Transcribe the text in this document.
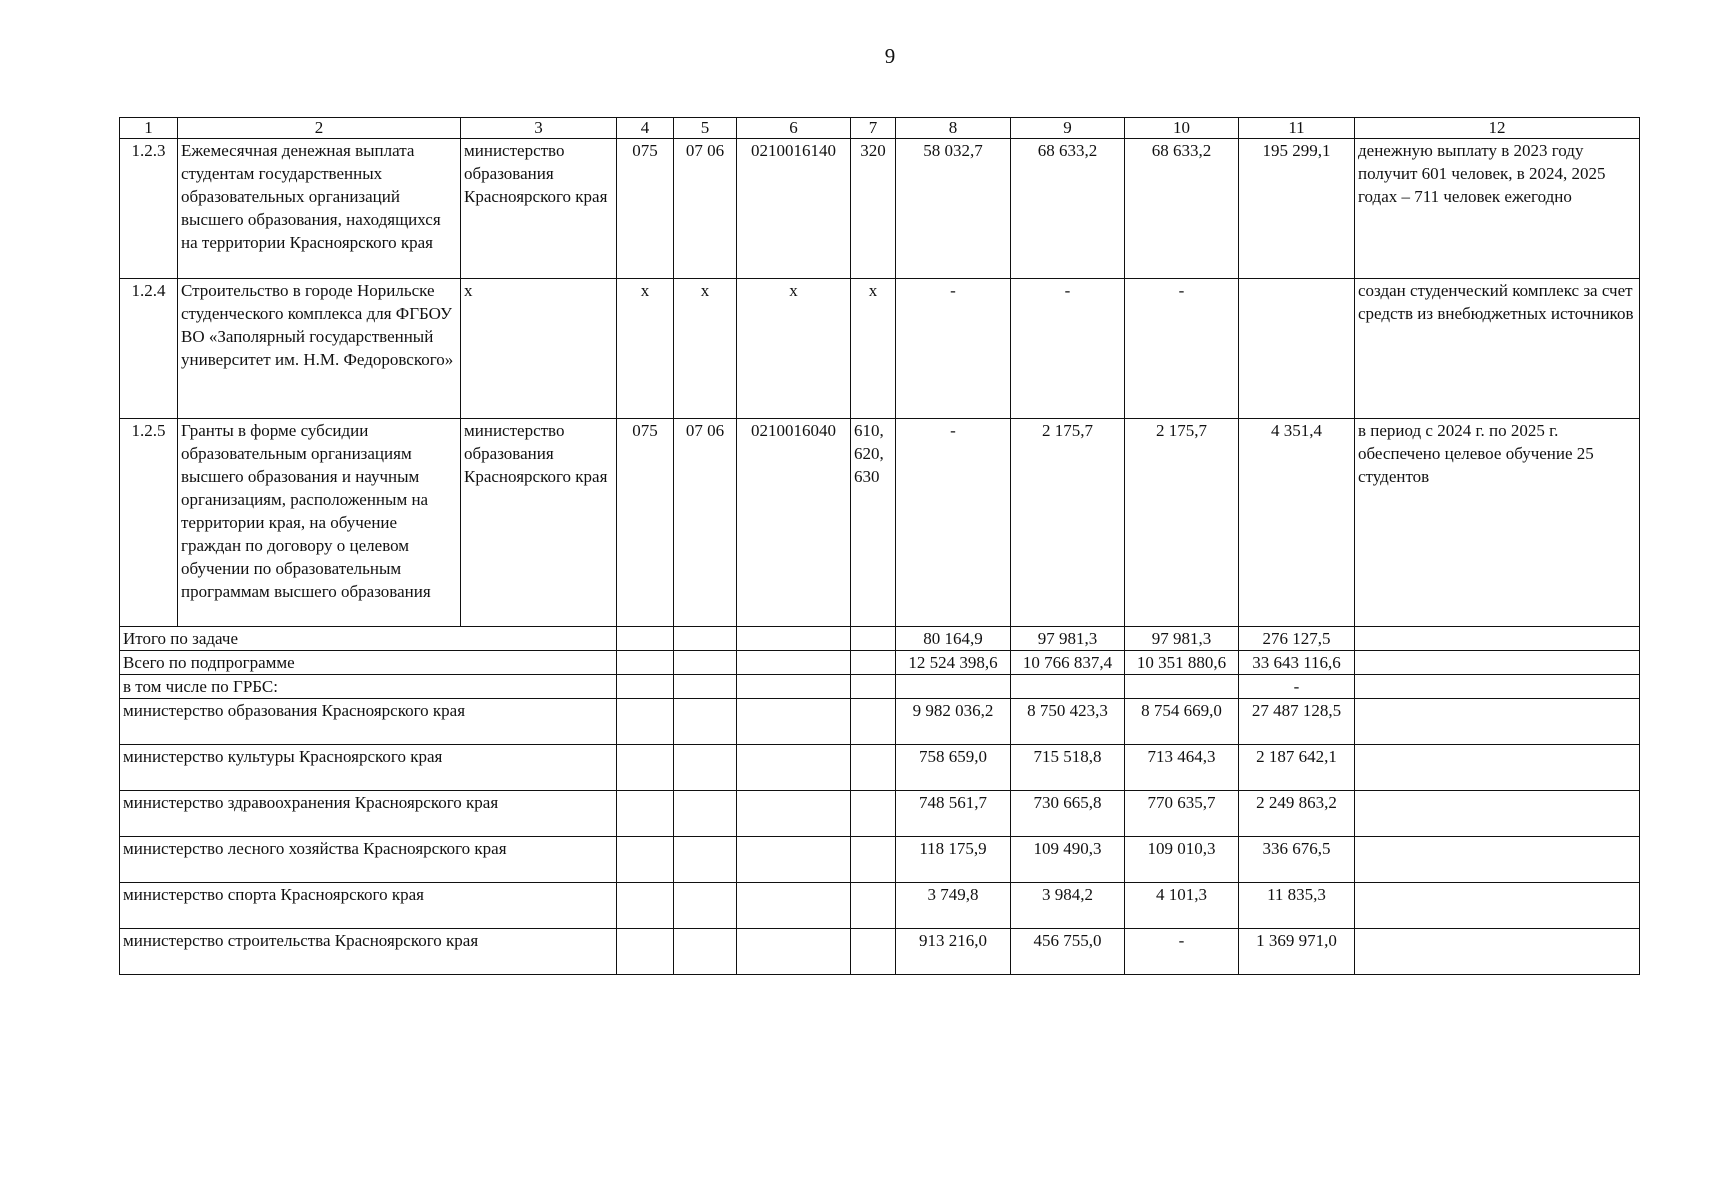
9
1	2	3	4	5	6	7	8	9	10	11	12
1.2.3	Ежемесячная денежная выплата студентам государственных образовательных организаций высшего образования, находящихся на территории Красноярского края	министерство образования Красноярского края	075	07 06	0210016140	320	58 032,7	68 633,2	68 633,2	195 299,1	денежную выплату в 2023 году получит 601 человек, в 2024, 2025 годах – 711 человек ежегодно
1.2.4	Строительство в городе Норильске студенческого комплекса для ФГБОУ ВО «Заполярный государственный университет им. Н.М. Федоровского»	x	x	x	x	x	-	-	-		создан студенческий комплекс за счет средств из внебюджетных источников
1.2.5	Гранты в форме субсидии образовательным организациям высшего образования и научным организациям, расположенным на территории края, на обучение граждан по договору о целевом обучении по образовательным программам высшего образования	министерство образования Красноярского края	075	07 06	0210016040	610, 620, 630	-	2 175,7	2 175,7	4 351,4	в период с 2024 г. по 2025 г. обеспечено целевое обучение 25 студентов
Итого по задаче							80 164,9	97 981,3	97 981,3	276 127,5	
Всего по подпрограмме							12 524 398,6	10 766 837,4	10 351 880,6	33 643 116,6	
в том числе по ГРБС:										-	
министерство образования Красноярского края							9 982 036,2	8 750 423,3	8 754 669,0	27 487 128,5	
министерство культуры Красноярского края							758 659,0	715 518,8	713 464,3	2 187 642,1	
министерство здравоохранения Красноярского края							748 561,7	730 665,8	770 635,7	2 249 863,2	
министерство лесного хозяйства Красноярского края							118 175,9	109 490,3	109 010,3	336 676,5	
министерство спорта Красноярского края							3 749,8	3 984,2	4 101,3	11 835,3	
министерство строительства Красноярского края							913 216,0	456 755,0	-	1 369 971,0	
